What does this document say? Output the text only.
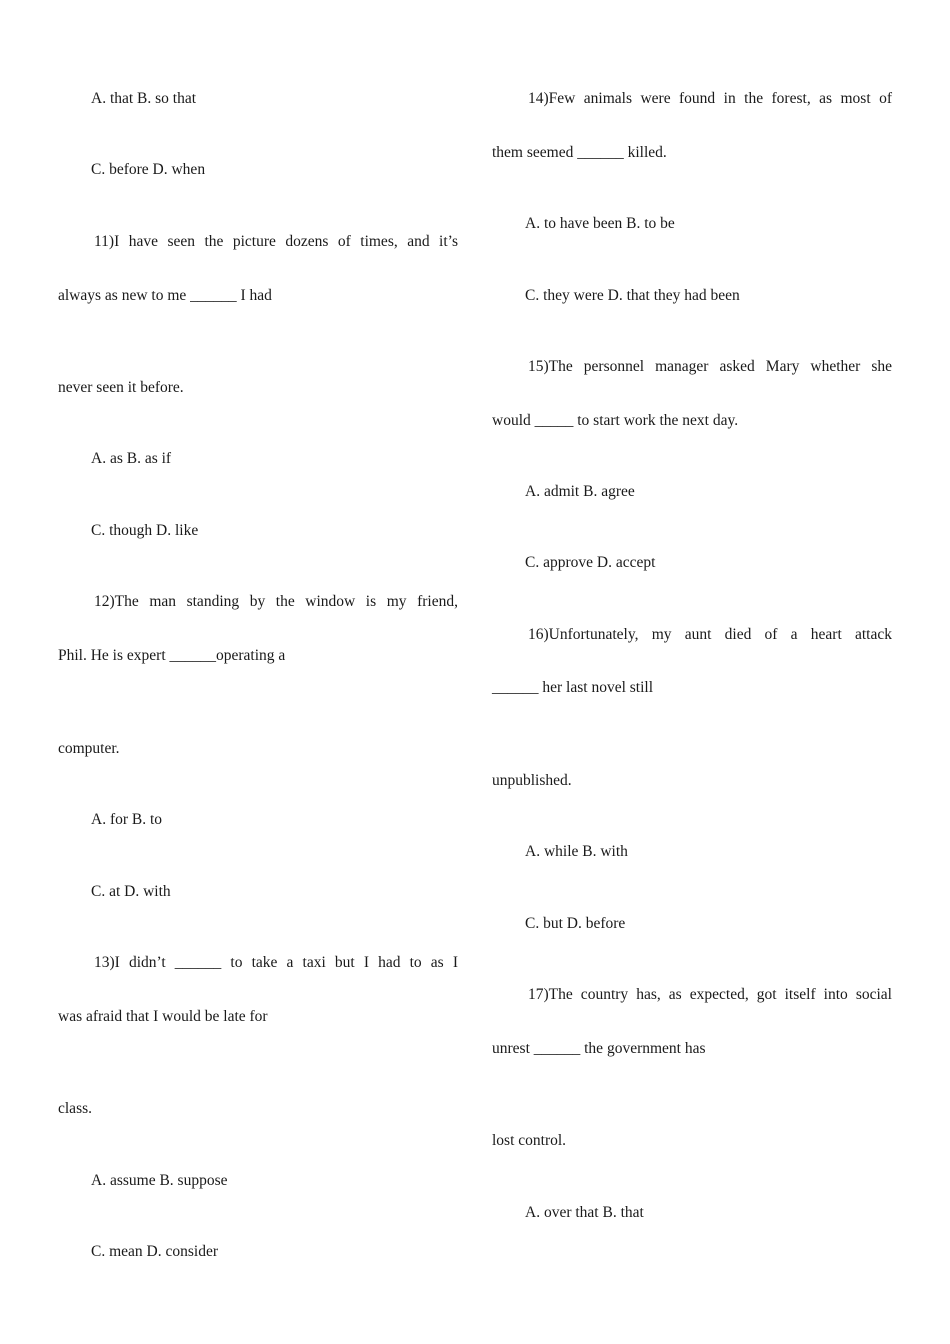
A. that B. so that
C. before D. when
11)I have seen the picture dozens of times, and it’s
always as new to me ______ I had
never seen it before.
A. as B. as if
C. though D. like
12)The man standing by the window is my friend,
Phil. He is expert ______operating a
computer.
A. for B. to
C. at D. with
13)I didn’t ______ to take a taxi but I had to as I
was afraid that I would be late for
class.
A. assume B. suppose
C. mean D. consider
14)Few animals were found in the forest, as most of
them seemed ______ killed.
A. to have been B. to be
C. they were D. that they had been
15)The personnel manager asked Mary whether she
would _____ to start work the next day.
A. admit B. agree
C. approve D. accept
16)Unfortunately, my aunt died of a heart attack
______ her last novel still
unpublished.
A. while B. with
C. but D. before
17)The country has, as expected, got itself into social
unrest ______ the government has
lost control.
A. over that B. that
